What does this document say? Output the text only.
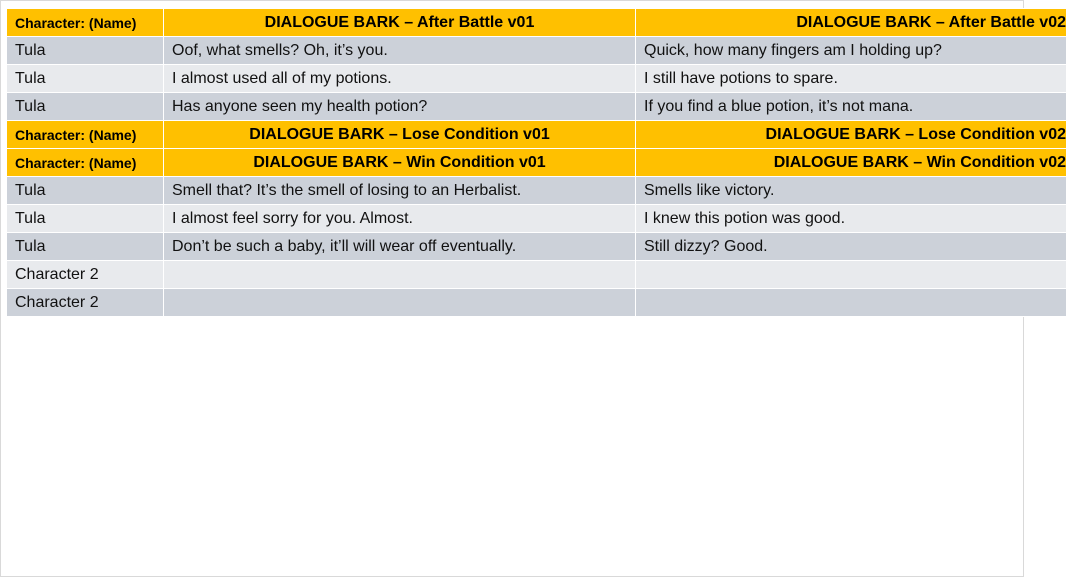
Character: (Name)	DIALOGUE BARK – After Battle v01	DIALOGUE BARK – After Battle v02
Tula	Oof, what smells? Oh, it’s you.	Quick, how many fingers am I holding up?
Tula	I almost used all of my potions.	I still have potions to spare.
Tula	Has anyone seen my health potion?	If you find a blue potion, it’s not mana.
Character: (Name)	DIALOGUE BARK – Lose Condition v01	DIALOGUE BARK – Lose Condition v02
Character: (Name)	DIALOGUE BARK – Win Condition v01	DIALOGUE BARK – Win Condition v02
Tula	Smell that? It’s the smell of losing to an Herbalist.	Smells like victory.
Tula	I almost feel sorry for you. Almost.	I knew this potion was good.
Tula	Don’t be such a baby, it’ll will wear off eventually.	Still dizzy? Good.
Character 2		
Character 2		
